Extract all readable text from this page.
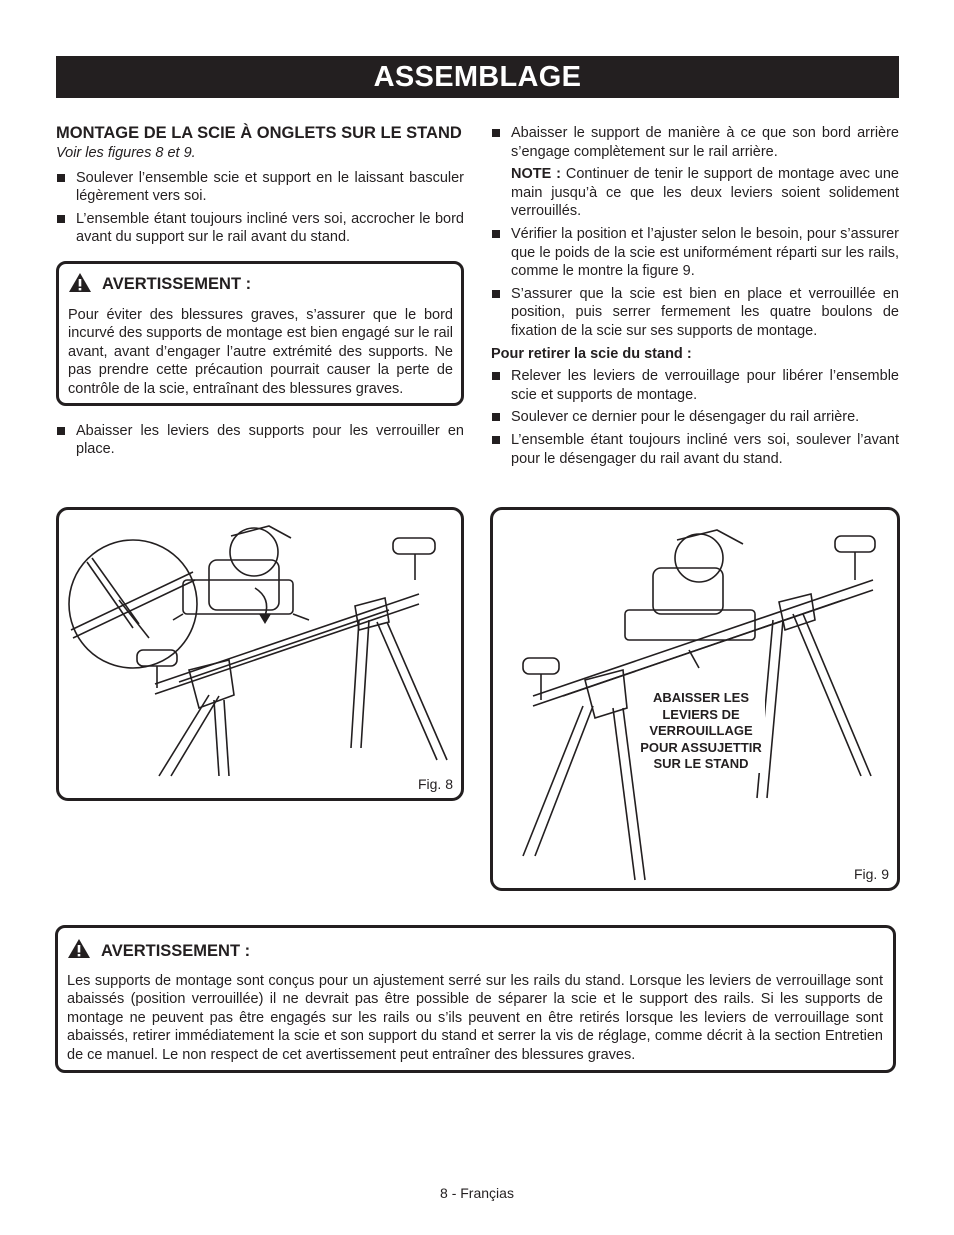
ASSEMBLAGE
MONTAGE DE LA SCIE À ONGLETS SUR LE STAND
Voir les figures 8 et 9.
Soulever l’ensemble scie et support en le laissant basculer légèrement vers soi.
L’ensemble étant toujours incliné vers soi, accrocher le bord avant du support sur le rail avant du stand.
AVERTISSEMENT :
Pour éviter des blessures graves, s’assurer que le bord incurvé des supports de montage est bien engagé sur le rail avant, avant d’engager l’autre extrémité des supports. Ne pas prendre cette précaution pourrait causer la perte de contrôle de la scie, entraînant des blessures graves.
Abaisser les leviers des supports pour les verrouiller en place.
Abaisser le support de manière à ce que son bord arrière s’engage complètement sur le rail arrière.

NOTE : Continuer de tenir le support de montage avec une main jusqu’à ce que les deux leviers soient solidement verrouillés.

Vérifier la position et l’ajuster selon le besoin, pour s’assurer que le poids de la scie est uniformément réparti sur les rails, comme le montre la figure 9.
S’assurer que la scie est bien en place et verrouillée en position, puis serrer fermement les quatre boulons de fixation de la scie sur ses supports de montage.
Pour retirer la scie du stand :
Relever les leviers de verrouillage pour libérer l’ensemble scie et supports de montage.
Soulever ce dernier pour le désengager du rail arrière.
L’ensemble étant toujours incliné vers soi, soulever l’avant pour le désengager du rail avant du stand.
Fig. 8
ABAISSER LES LEVIERS DE VERROUILLAGE POUR ASSUJETTIR SUR LE STAND
Fig. 9
AVERTISSEMENT :
Les supports de montage sont conçus pour un ajustement serré sur les rails du stand. Lorsque les leviers de verrouillage sont abaissés (position verrouillée) il ne devrait pas être possible de séparer la scie et le support des rails. Si les supports de montage ne peuvent pas être engagés sur les rails ou s’ils peuvent en être retirés lorsque les leviers de verrouillage sont abaissés, retirer immédiatement la scie et son support du stand et serrer la vis de réglage, comme décrit à la section Entretien de ce manuel. Le non respect de cet avertissement peut entraîner des blessures graves.
8 - Françias
